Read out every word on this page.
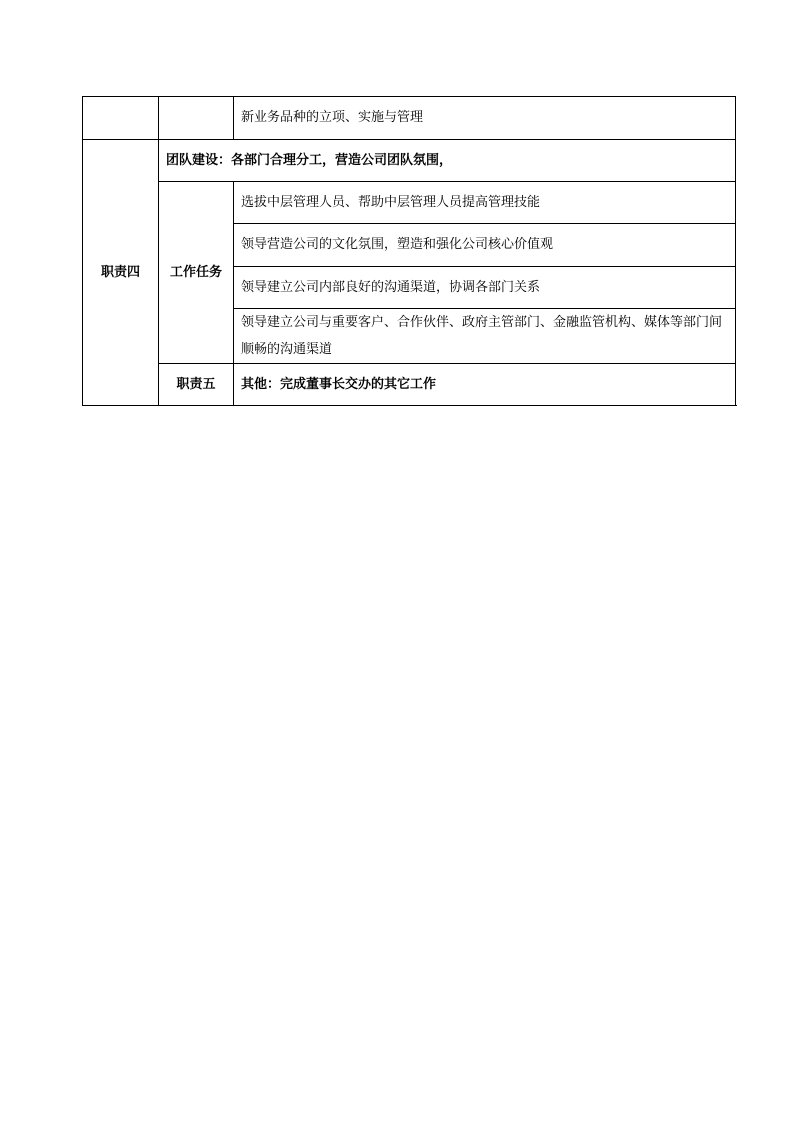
		新业务品种的立项、实施与管理
职责四	团队建设：各部门合理分工，营造公司团队氛围，	
	工作任务	选拔中层管理人员、帮助中层管理人员提高管理技能
		领导营造公司的文化氛围，塑造和强化公司核心价值观
		领导建立公司内部良好的沟通渠道，协调各部门关系
		领导建立公司与重要客户、合作伙伴、政府主管部门、金融监管机构、媒体等部门间顺畅的沟通渠道
	职责五	其他：完成董事长交办的其它工作
